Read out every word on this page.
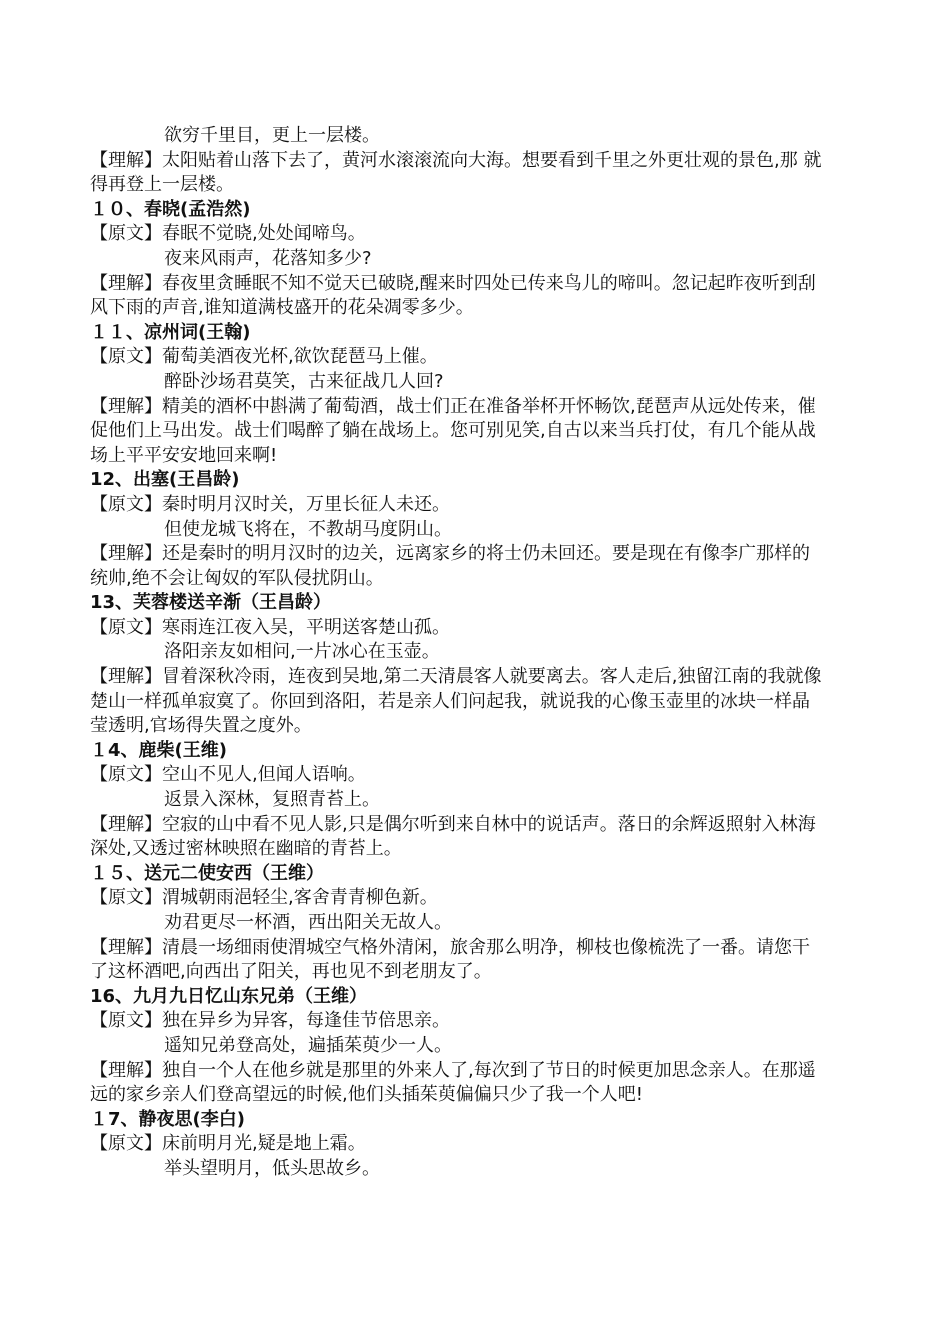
欲穷千里目，更上一层楼。
【理解】太阳贴着山落下去了，黄河水滚滚流向大海。想要看到千里之外更壮观的景色,那 就
得再登上一层楼。
１０、春晓(孟浩然)
【原文】春眠不觉晓,处处闻啼鸟。
夜来风雨声，花落知多少?
【理解】春夜里贪睡眠不知不觉天已破晓,醒来时四处已传来鸟儿的啼叫。忽记起昨夜听到刮
风下雨的声音,谁知道满枝盛开的花朵凋零多少。
１１、凉州词(王翰)
【原文】葡萄美酒夜光杯,欲饮琵琶马上催。
醉卧沙场君莫笑，古来征战几人回?
【理解】精美的酒杯中斟满了葡萄酒，战士们正在准备举杯开怀畅饮,琵琶声从远处传来，催
促他们上马出发。战士们喝醉了躺在战场上。您可别见笑,自古以来当兵打仗，有几个能从战
场上平平安安地回来啊!
12、出塞(王昌龄)
【原文】秦时明月汉时关，万里长征人未还。
但使龙城飞将在，不教胡马度阴山。
【理解】还是秦时的明月汉时的边关，远离家乡的将士仍未回还。要是现在有像李广那样的
统帅,绝不会让匈奴的军队侵扰阴山。
13、芙蓉楼送辛渐（王昌龄）
【原文】寒雨连江夜入吴，平明送客楚山孤。
洛阳亲友如相问,一片冰心在玉壶。
【理解】冒着深秋冷雨，连夜到吴地,第二天清晨客人就要离去。客人走后,独留江南的我就像
楚山一样孤单寂寞了。你回到洛阳，若是亲人们问起我，就说我的心像玉壶里的冰块一样晶
莹透明,官场得失置之度外。
１4、鹿柴(王维)
【原文】空山不见人,但闻人语响。
返景入深林，复照青苔上。
【理解】空寂的山中看不见人影,只是偶尔听到来自林中的说话声。落日的余辉返照射入林海
深处,又透过密林映照在幽暗的青苔上。
１５、送元二使安西（王维）
【原文】渭城朝雨浥轻尘,客舍青青柳色新。
劝君更尽一杯酒，西出阳关无故人。
【理解】清晨一场细雨使渭城空气格外清闲，旅舍那么明净，柳枝也像梳洗了一番。请您干
了这杯酒吧,向西出了阳关，再也见不到老朋友了。
16、九月九日忆山东兄弟（王维）
【原文】独在异乡为异客，每逢佳节倍思亲。
遥知兄弟登高处，遍插茱萸少一人。
【理解】独自一个人在他乡就是那里的外来人了,每次到了节日的时候更加思念亲人。在那遥
远的家乡亲人们登高望远的时候,他们头插茱萸偏偏只少了我一个人吧!
１7、静夜思(李白)
【原文】床前明月光,疑是地上霜。
举头望明月，低头思故乡。
